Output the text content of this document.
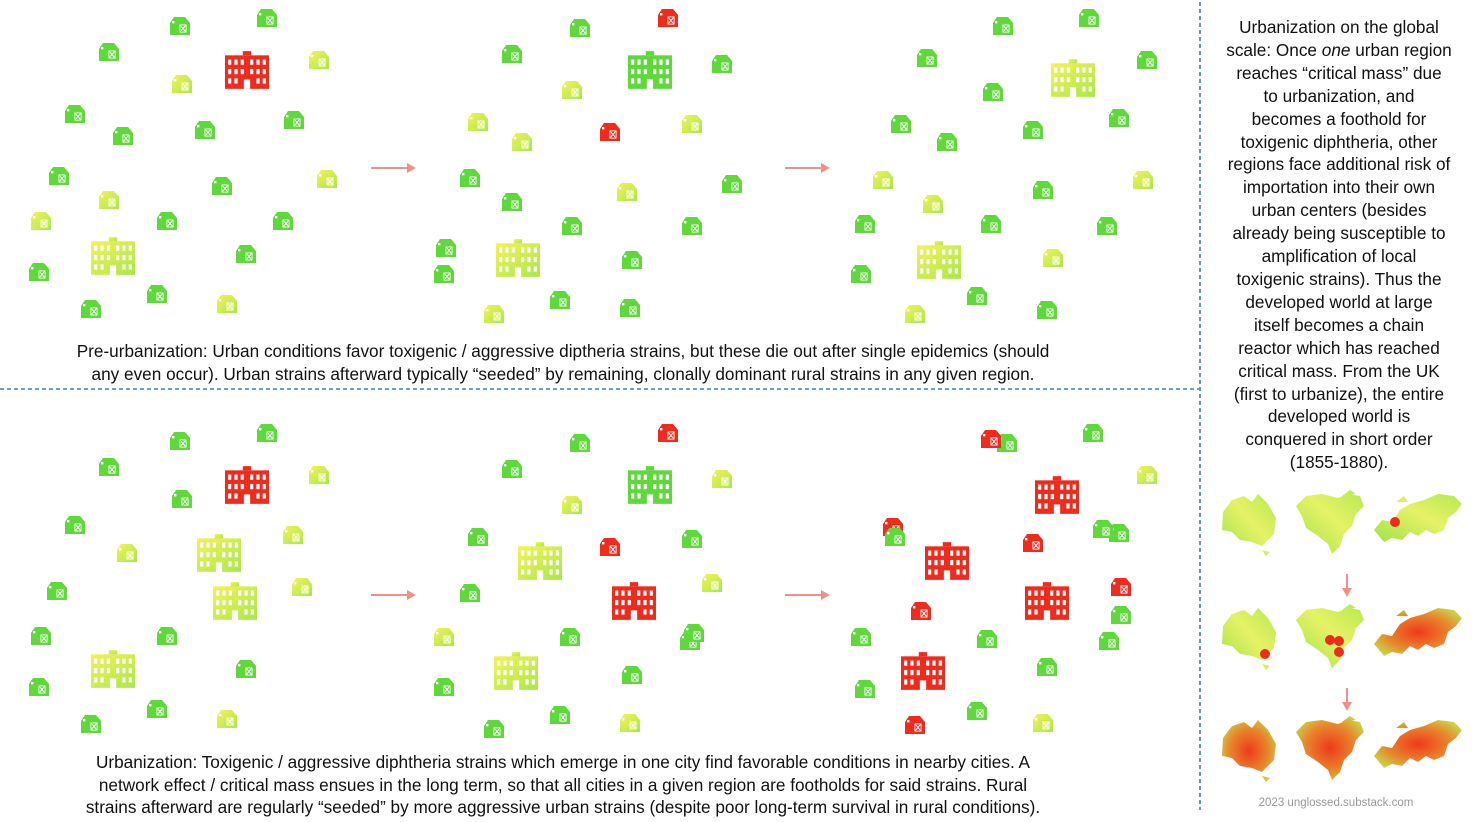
Pre-urbanization: Urban conditions favor toxigenic / aggressive diptheria strains, but these die out after single epidemics (should
any even occur). Urban strains afterward typically “seeded” by remaining, clonally dominant rural strains in any given region.
Urbanization: Toxigenic / aggressive diphtheria strains which emerge in one city find favorable conditions in nearby cities. A
network effect / critical mass ensues in the long term, so that all cities in a given region are footholds for said strains. Rural
strains afterward are regularly “seeded” by more aggressive urban strains (despite poor long-term survival in rural conditions).
Urbanization on the global
scale: Once one urban region
reaches “critical mass” due
to urbanization, and
becomes a foothold for
toxigenic diphtheria, other
regions face additional risk of
importation into their own
urban centers (besides
already being susceptible to
amplification of local
toxigenic strains). Thus the
developed world at large
itself becomes a chain
reactor which has reached
critical mass. From the UK
(first to urbanize), the entire
developed world is
conquered in short order
(1855-1880).
2023 unglossed.substack.com
